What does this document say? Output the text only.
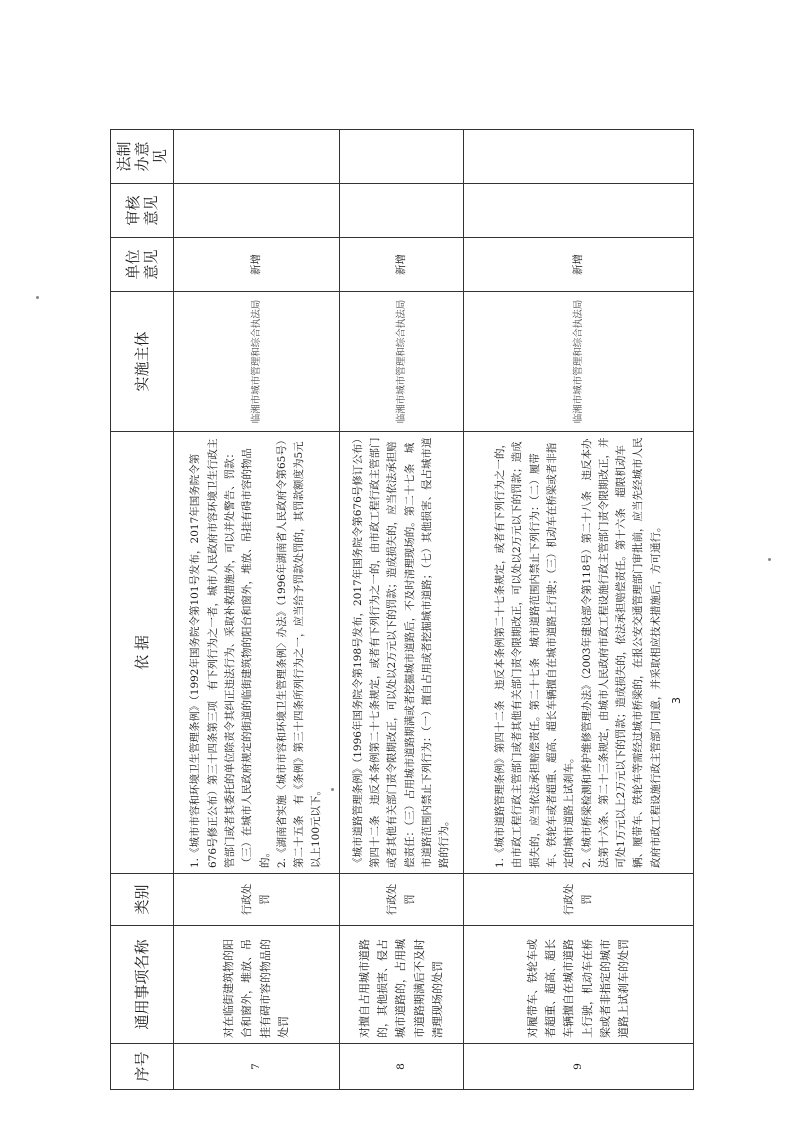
序号	通用事项名称	类别	依 据	实施主体	单位意见	审核意见	法制办意见
7	对在临街建筑物的阳台和窗外，堆放、吊挂有碍市容的物品的处罚	行政处罚	1.《城市市容和环境卫生管理条例》（1992年国务院令第101号发布，2017年国务院令第676号修正公布）第三十四条第三项　有下列行为之一者，城市人民政府市容环境卫生行政主管部门或者其委托的单位除责令其纠正违法行为、采取补救措施外，可以并处警告、罚款：（三）在城市人民政府规定的街道的临街建筑物的阳台和窗外，堆放、吊挂有碍市容的物品的。 2.《湖南省实施〈城市市容和环境卫生管理条例〉办法》（1996年湖南省人民政府令第65号）第二十五条　有《条例》第三十四条所列行为之一，应当给予罚款处罚的，其罚款额度为5元以上100元以下。	临湘市城市管理和综合执法局	新增		
8	对擅自占用城市道路的，其他损害、侵占城市道路的，占用城市道路期满后不及时清理现场的处罚	行政处罚	《城市道路管理条例》（1996年国务院令第198号发布，2017年国务院令第676号修订公布）第四十二条　违反本条例第二十七条规定，或者有下列行为之一的，由市政工程行政主管部门或者其他有关部门责令限期改正，可以处以2万元以下的罚款；造成损失的，应当依法承担赔偿责任：（三）占用城市道路期满或者挖掘城市道路后，不及时清理现场的。第二十七条　城市道路范围内禁止下列行为：（一）擅自占用或者挖掘城市道路；（七）其他损害、侵占城市道路的行为。	临湘市城市管理和综合执法局	新增		
9	对履带车、铁轮车或者超重、超高、超长车辆擅自在城市道路上行驶，机动车在桥梁或者非指定的城市道路上试刹车的处罚	行政处罚	1.《城市道路管理条例》第四十二条　违反本条例第二十七条规定，或者有下列行为之一的，由市政工程行政主管部门或者其他有关部门责令限期改正，可以处以2万元以下的罚款；造成损失的，应当依法承担赔偿责任。第二十七条　城市道路范围内禁止下列行为：（二）履带车、铁轮车或者超重、超高、超长车辆擅自在城市道路上行驶；（三）机动车在桥梁或者非指定的城市道路上试刹车。 2.《城市桥梁检测和养护维修管理办法》（2003年建设部令第118号）第二十八条　违反本办法第十六条、第二十三条规定，由城市人民政府市政工程设施行政主管部门责令限期改正，并可处1万元以上2万元以下的罚款；造成损失的，依法承担赔偿责任。第十六条　超限机动车辆、履带车、铁轮车等需经过城市桥梁的，在报公安交通管理部门审批前，应当先经城市人民政府市政工程设施行政主管部门同意，并采取相应技术措施后，方可通行。	临湘市城市管理和综合执法局	新增		
3
